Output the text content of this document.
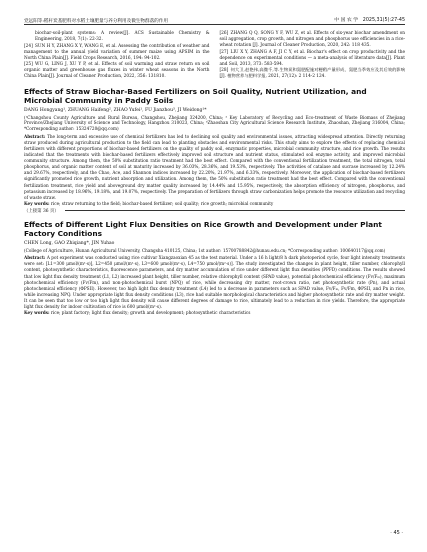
党远阳等:稻秆炭基肥料对水稻土壤肥量与养分利用及微生物群落的作用	中 国 农 学　2025,31(5):27-45

biochar-soil-plant systems: A review[J]. ACS Sustainable Chemistry & Engineering, 2018, 7(1): 22-32.

[24] SUN H Y, ZHANG X Y, WANG E, et al. Assessing the contribution of weather and management to the annual yield variation of summer maize using APSIM in the North China Plain[J]. Field Crops Research, 2016, 194: 94-102.

[25] WU G, LING J, XU Y P, et al. Effects of soil warming and straw return on soil organic matter and greenhouse gas fluxes in winter wheat seasons in the North China Plain[J]. Journal of Cleaner Production, 2022, 356: 131810.

[26] ZHANG Q Q, SONG Y F, WU Z, et al. Effects of six-year biochar amendment on soil aggregation, crop growth, and nitrogen and phosphorus use efficiencies in a rice-wheat rotation [J]. Journal of Cleaner Production, 2020, 242: 118 435.

[27] LIU X Y, ZHANG A F, JI C Y, et al. Biochar's effect on crop productivity and the dependence on experimental conditions — a meta-analysis of literature data[J]. Plant and Soil, 2013, 373: 583-594.

[28] 何大卫,赵艳伟,高微千,等.生物炭和氮肥配施对粳稻产量形成、氮肥当季效应及其后效的影响[J]. 植物营养与肥料学报, 2021, 27(12): 2 114-2 124.

Effects of Straw Biochar-Based Fertilizers on Soil Quality, Nutrient Utilization, and Microbial Community in Paddy Soils

DANG Hongyang¹, ZHUANG Haifeng², ZHAO Yufei¹, FU Jianzhou³, JI Weidong¹*

(¹Changshou County Agriculture and Rural Bureau, Changshou, Zhejiang 324200, China; ² Key Laboratory of Recycling and Eco-treatment of Waste Biomass of Zhejiang Province/Zhejiang University of Science and Technology, Hangzhou 310023, China; ³Zhaoshan City Agricultural Science Research Institute, Zhaoshan, Zhejiang 316004, China; *Corresponding author: 15324720@qq.com)

Abstract: The long-term and excessive use of chemical fertilizers has led to declining soil quality and environmental issues, attracting widespread attention. Directly returning straw produced during agricultural production to the field can lead to planting obstacles and environmental risks. This study aims to explore the effects of replacing chemical fertilizers with different proportions of biochar-based fertilizers on the quality of paddy soil, enzymatic properties, microbial community structure, and rice growth. The results indicated that the treatments with biochar-based fertilizers effectively improved soil structure and nutrient status, stimulated soil enzyme activity, and improved microbial community structure. Among them, the 50% substitution ratio treatment had the best effect. Compared with the conventional fertilization treatment, the total nitrogen, total phosphorus, and organic matter content of soil at maturity increased by 36.03%, 28.36%, and 19.53%, respectively. The activities of catalase and sucrase increased by 12.24% and 29.67%, respectively, and the Chao, Ace, and Shannon indices increased by 22.20%, 21.97%, and 6.33%, respectively. Moreover, the application of biochar-based fertilizers significantly promoted rice growth, nutrient absorption and utilization. Among them, the 50% substitution ratio treatment had the best effect. Compared with the conventional fertilization treatment, rice yield and aboveground dry matter quality increased by 14.44% and 15.95%, respectively, the absorption efficiency of nitrogen, phosphorus, and potassium increased by 18.96%, 19.18%, and 19.07%, respectively. The preparation of fertilizers through straw carbonization helps promote the resource utilization and recycling of waste straw.

Key words: rice; straw returning to the field; biochar-based fertilizer; soil quality; rice growth; microbial community

（上接第 36 页）
Effects of Different Light Flux Densities on Rice Growth and Development under Plant Factory Conditions

CHEN Long, GAO Zhiqiang*, JIN Yuhao

(College of Agriculture, Hunan Agricultural University, Changsha 410125, China; 1st author: 15700788842@hunau.edu.cn; *Corresponding author: 100640117@qq.com)

Abstract: A pot experiment was conducted using rice cultivar Xiangzaoxian 45 as the test material. Under a 16 h light/8 h dark photoperiod cycle, four light intensity treatments were set: [L1=300 μmol/(m²·s)], L2=450 μmol/(m²·s), L3=600 μmol/(m²·s), L4=750 μmol/(m²·s)]. The study investigated the changes in plant height, tiller number, chlorophyll content, photosynthetic characteristics, fluorescence parameters, and dry matter accumulation of rice under different light flux densities (PPFD) conditions. The results showed that low light flux density treatment (L1, L2) increased plant height, tiller number, relative chlorophyll content (SPAD value), potential photochemical efficiency (Fv/Fₘ), maximum photochemical efficiency (Fv/Fm), and non-photochemical burst (NPQ) of rice, while decreasing dry matter, root-crown ratio, net photosynthetic rate (Pn), and actual photochemical efficiency (ΦPSII). However, too high light flux density treatment (L4) led to a decrease in parameters such as SPAD value, Fv/Fₘ, Fv/Fm, ΦPSII, and Pn in rice, while increasing NPQ. Under appropriate light flux density conditions (L3), rice had suitable morphological characteristics and higher photosynthetic rate and dry matter weight. It can be seen that too low or too high light flux density will cause different degrees of damage to rice, ultimately lead to a reduction in rice yields. Therefore, the appropriate light flux density for indoor cultivation of rice is 600 μmol/(m²·s).

Key words: rice; plant factory; light flux density; growth and development; photosynthetic characteristics

· 45 ·
